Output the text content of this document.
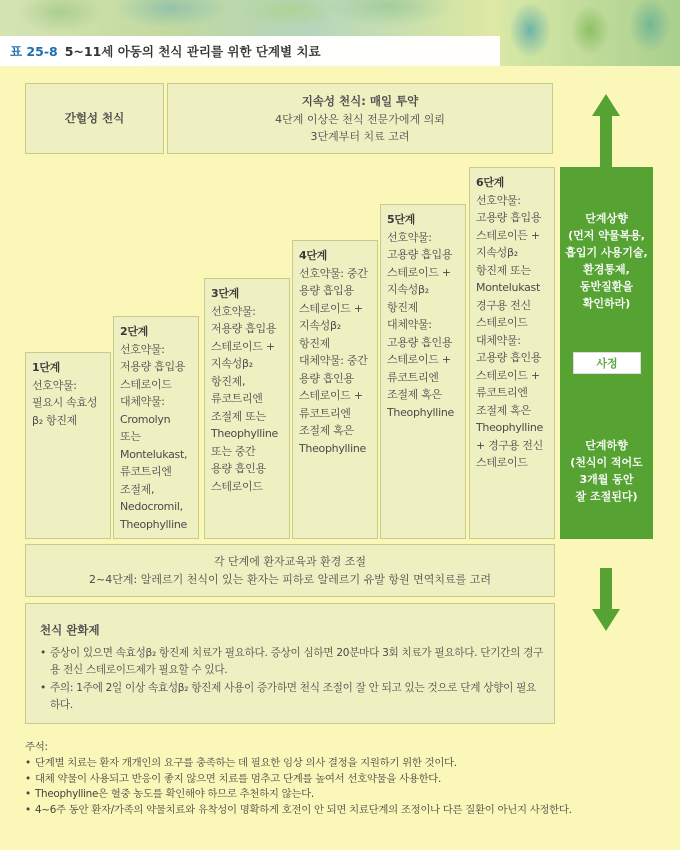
표 25-8 5~11세 아동의 천식 관리를 위한 단계별 치료
간헐성 천식
지속성 천식: 매일 투약
4단계 이상은 천식 전문가에게 의뢰
3단계부터 치료 고려
1단계
선호약물:
필요시 속효성
β₂ 항진제
2단계
선호약물:
저용량 흡입용
스테로이드
대체약물:
Cromolyn
또는
Montelukast,
류코트리엔
조절제,
Nedocromil,
Theophylline
3단계
선호약물:
저용량 흡입용
스테로이드 +
지속성β₂
항진제,
류코트리엔
조절제 또는
Theophylline
또는 중간
용량 흡인용
스테로이드
4단계
선호약물: 중간
용량 흡입용
스테로이드 +
지속성β₂
항진제
대체약물: 중간
용량 흡인용
스테로이드 +
류코트리엔
조절제 혹은
Theophylline
5단계
선호약물:
고용량 흡입용
스테로이드 +
지속성β₂
항진제
대체약물:
고용량 흡인용
스테로이드 +
류코트리엔
조절제 혹은
Theophylline
6단계
선호약물:
고용량 흡입용
스테로이든 +
지속성β₂
항진제 또는
Montelukast
경구용 전신
스테로이드
대체약물:
고용량 흡인용
스테로이드 +
류코트리엔
조절제 혹은
Theophylline
+ 경구용 전신
스테로이드
단계상향
(먼저 약물복용,
흡입기 사용기술,
환경통제,
동반질환을
확인하라)
사정
단계하향
(천식이 적어도
3개월 동안
잘 조절된다)
각 단계에 환자교육과 환경 조절
2~4단계: 알레르기 천식이 있는 환자는 피하로 알레르기 유발 항원 면역치료를 고려
천식 완화제
• 증상이 있으면 속효성β₂ 항진제 치료가 필요하다. 증상이 심하면 20분마다 3회 치료가 필요하다. 단기간의 경구용 전신 스테로이드제가 필요할 수 있다.
• 주의: 1주에 2일 이상 속효성β₂ 항진제 사용이 증가하면 천식 조절이 잘 안 되고 있는 것으로 단계 상향이 필요하다.
주석:
• 단계별 치료는 환자 개개인의 요구를 충족하는 데 필요한 임상 의사 결정을 지원하기 위한 것이다.
• 대체 약물이 사용되고 반응이 좋지 않으면 치료를 멈추고 단계를 높여서 선호약물을 사용한다.
• Theophylline은 혈중 농도를 확인해야 하므로 추천하지 않는다.
• 4~6주 동안 환자/가족의 약물치료와 유착성이 명확하게 호전이 안 되면 치료단계의 조정이나 다른 질환이 아닌지 사정한다.
